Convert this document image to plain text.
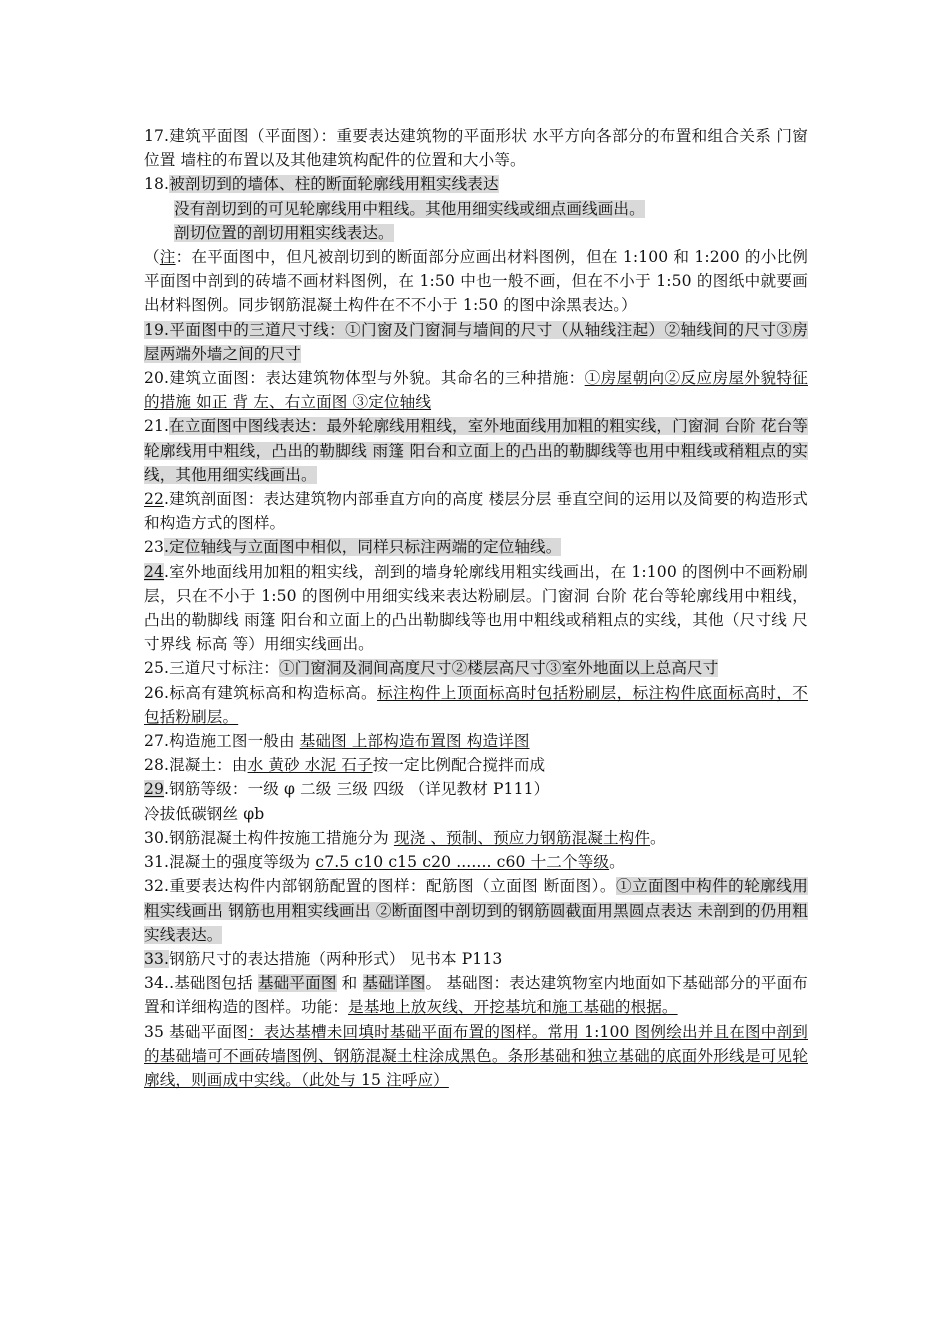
17.建筑平面图（平面图）：重要表达建筑物的平面形状 水平方向各部分的布置和组合关系 门窗位置 墙柱的布置以及其他建筑构配件的位置和大小等。

18.被剖切到的墙体、柱的断面轮廓线用粗实线表达

没有剖切到的可见轮廓线用中粗线。其他用细实线或细点画线画出。

剖切位置的剖切用粗实线表达。

（注：在平面图中，但凡被剖切到的断面部分应画出材料图例，但在 1:100 和 1:200 的小比例平面图中剖到的砖墙不画材料图例，在 1:50 中也一般不画，但在不小于 1:50 的图纸中就要画出材料图例。同步钢筋混凝土构件在不不小于 1:50 的图中涂黑表达。）

19.平面图中的三道尺寸线：①门窗及门窗洞与墙间的尺寸（从轴线注起）②轴线间的尺寸③房屋两端外墙之间的尺寸

20.建筑立面图：表达建筑物体型与外貌。其命名的三种措施：①房屋朝向②反应房屋外貌特征的措施 如正 背 左、右立面图 ③定位轴线

21.在立面图中图线表达：最外轮廓线用粗线，室外地面线用加粗的粗实线，门窗洞 台阶 花台等轮廓线用中粗线，凸出的勒脚线 雨篷 阳台和立面上的凸出的勒脚线等也用中粗线或稍粗点的实线，其他用细实线画出。

22.建筑剖面图：表达建筑物内部垂直方向的高度 楼层分层 垂直空间的运用以及简要的构造形式和构造方式的图样。

23.定位轴线与立面图中相似，同样只标注两端的定位轴线。

24.室外地面线用加粗的粗实线，剖到的墙身轮廓线用粗实线画出，在 1:100 的图例中不画粉刷层，只在不小于 1:50 的图例中用细实线来表达粉刷层。门窗洞 台阶 花台等轮廓线用中粗线，凸出的勒脚线 雨篷 阳台和立面上的凸出勒脚线等也用中粗线或稍粗点的实线，其他（尺寸线 尺寸界线 标高 等）用细实线画出。

25.三道尺寸标注：①门窗洞及洞间高度尺寸②楼层高尺寸③室外地面以上总高尺寸

26.标高有建筑标高和构造标高。标注构件上顶面标高时包括粉刷层，标注构件底面标高时，不包括粉刷层。

27.构造施工图一般由 基础图 上部构造布置图 构造详图

28.混凝土：由水 黄砂 水泥 石子按一定比例配合搅拌而成

29.钢筋等级：一级 φ 二级 三级 四级 （详见教材 P111）

冷拔低碳钢丝 φb

30.钢筋混凝土构件按施工措施分为 现浇 、预制、预应力钢筋混凝土构件。

31.混凝土的强度等级为 c7.5 c10 c15 c20 ....... c60 十二个等级。

32.重要表达构件内部钢筋配置的图样：配筋图（立面图 断面图）。①立面图中构件的轮廓线用粗实线画出 钢筋也用粗实线画出 ②断面图中剖切到的钢筋圆截面用黑圆点表达 未剖到的仍用粗实线表达。

33.钢筋尺寸的表达措施（两种形式） 见书本 P113

34..基础图包括 基础平面图 和 基础详图。 基础图：表达建筑物室内地面如下基础部分的平面布置和详细构造的图样。功能：是基地上放灰线、开挖基坑和施工基础的根据。

35 基础平面图：表达基槽未回填时基础平面布置的图样。常用 1:100 图例绘出并且在图中剖到的基础墙可不画砖墙图例、钢筋混凝土柱涂成黑色。条形基础和独立基础的底面外形线是可见轮廓线，则画成中实线。（此处与 15 注呼应）
